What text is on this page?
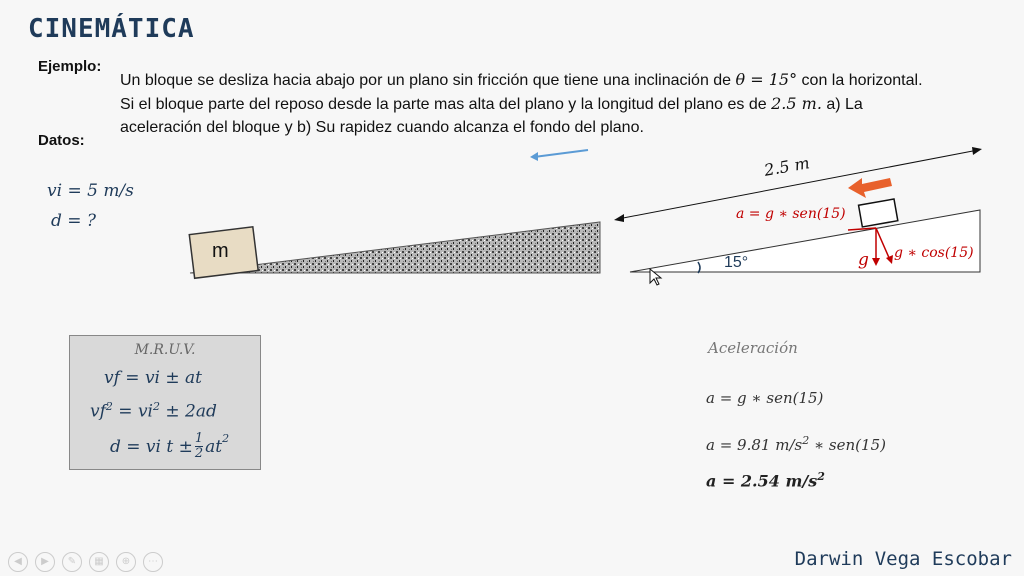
CINEMÁTICA
Ejemplo:
Un bloque se desliza hacia abajo por un plano sin fricción que tiene una inclinación de θ = 15° con la horizontal. Si el bloque parte del reposo desde la parte mas alta del plano y la longitud del plano es de 2.5 m. a) La aceleración del bloque y b) Su rapidez cuando alcanza el fondo del plano.
Datos:
vi = 5 m/s
d = ?
m
2.5 m
a = g ∗ sen(15)
15°	g g ∗ cos(15)
M.R.U.V.
vf = vi ± at
$vf^2 = vi^2 \pm 2ad$
d = vi $t \pm \frac{1}{2} at^2$
Aceleración
a = g ∗ sen(15)
a = 9.81 $m/s^2$ ∗ sen(15)
a = 2.54 $m/s^2$
Darwin Vega Escobar
◀	▶	✎	▦	⊕	⋯
